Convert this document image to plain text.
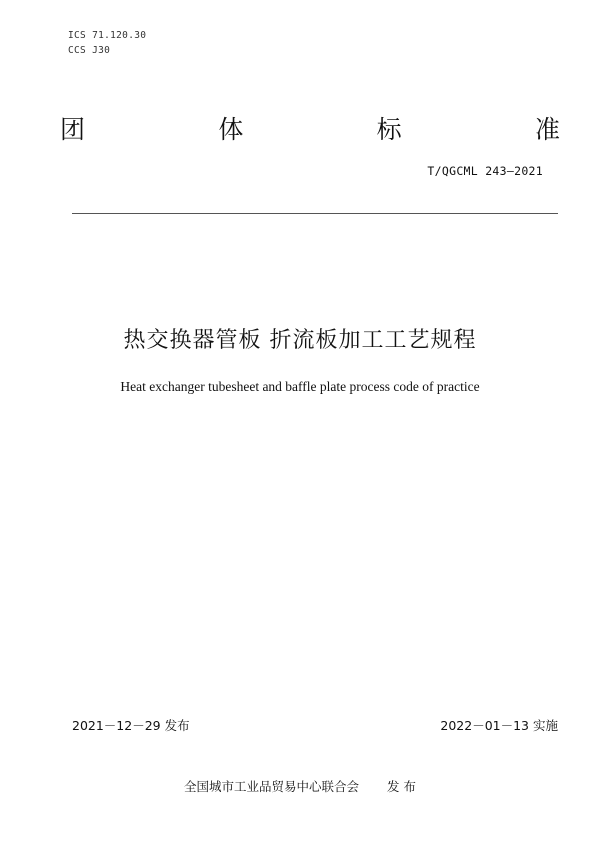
ICS 71.120.30
CCS J30
团	体	标	准
T/QGCML 243—2021
热交换器管板 折流板加工工艺规程
Heat exchanger tubesheet and baffle plate process code of practice
2021－12－29 发布	2022－01－13 实施
全国城市工业品贸易中心联合会 发 布
